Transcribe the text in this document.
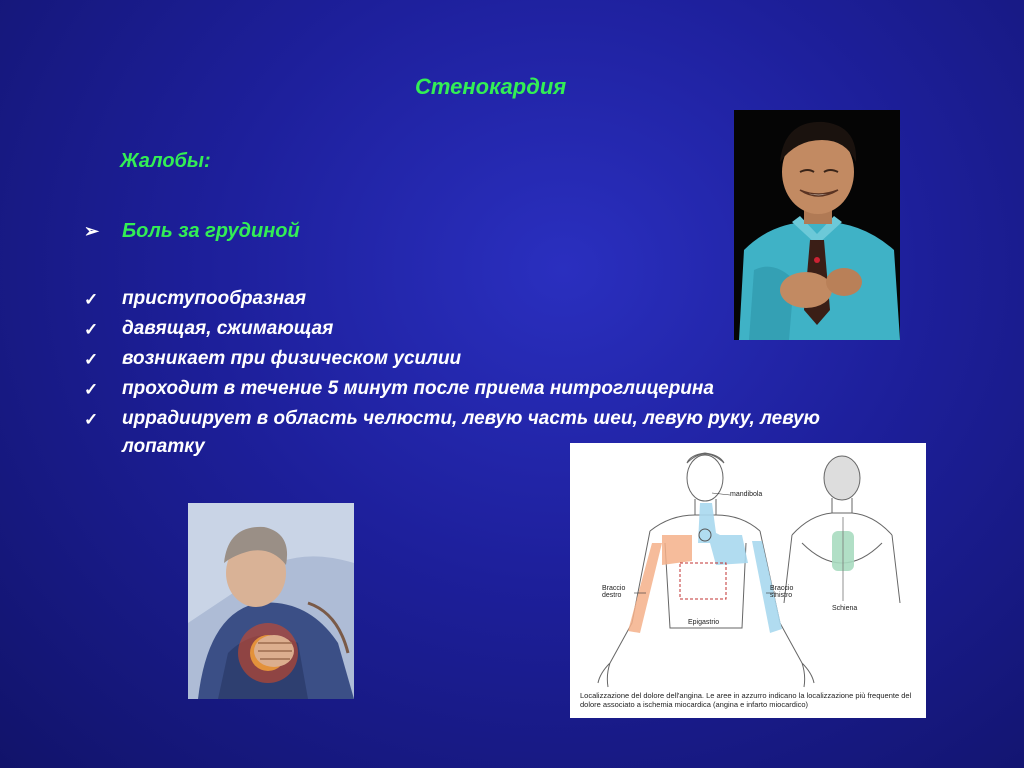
Стенокардия
Жалобы:
➢ Боль за грудиной
✓	приступообразная
✓	давящая, сжимающая
✓	возникает при физическом усилии
✓	проходит в течение 5 минут после приема нитроглицерина
✓	иррадиирует в область челюсти, левую часть шеи, левую руку, левую лопатку
mandibola
Braccio destro
Braccio sinistro
Epigastrio
Schiena
Localizzazione del dolore dell'angina. Le aree in azzurro indicano la localizzazione più frequente del dolore associato a ischemia miocardica (angina e infarto miocardico)
